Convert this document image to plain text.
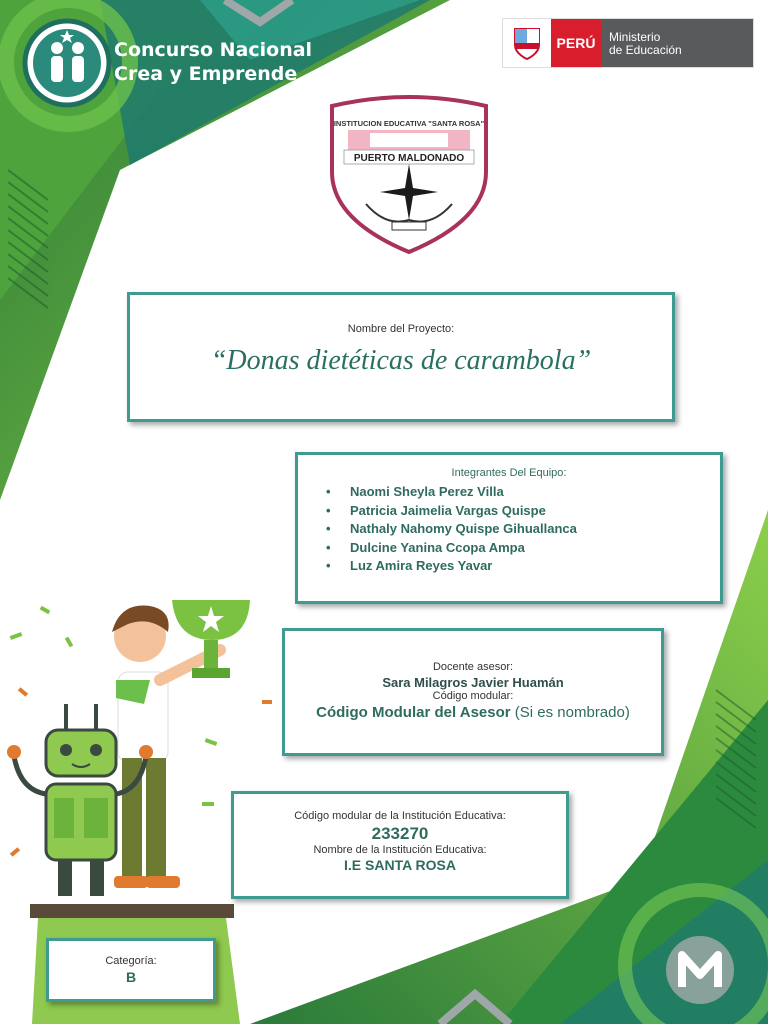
Concurso Nacional
Crea y Emprende
PERÚ	Ministerio
de Educación
INSTITUCION EDUCATIVA "SANTA ROSA"
PUERTO MALDONADO
Nombre del Proyecto:
“Donas dietéticas de carambola”
Integrantes Del Equipo:
• Naomi Sheyla Perez Villa
• Patricia Jaimelia Vargas Quispe
• Nathaly Nahomy Quispe Gihuallanca
• Dulcine Yanina Ccopa Ampa
• Luz Amira Reyes Yavar
Docente asesor:
Sara Milagros Javier Huamán
Código modular:
Código Modular del Asesor (Si es nombrado)
Código modular de la Institución Educativa:
233270
Nombre de la Institución Educativa:
I.E SANTA ROSA
Categoría:
B
